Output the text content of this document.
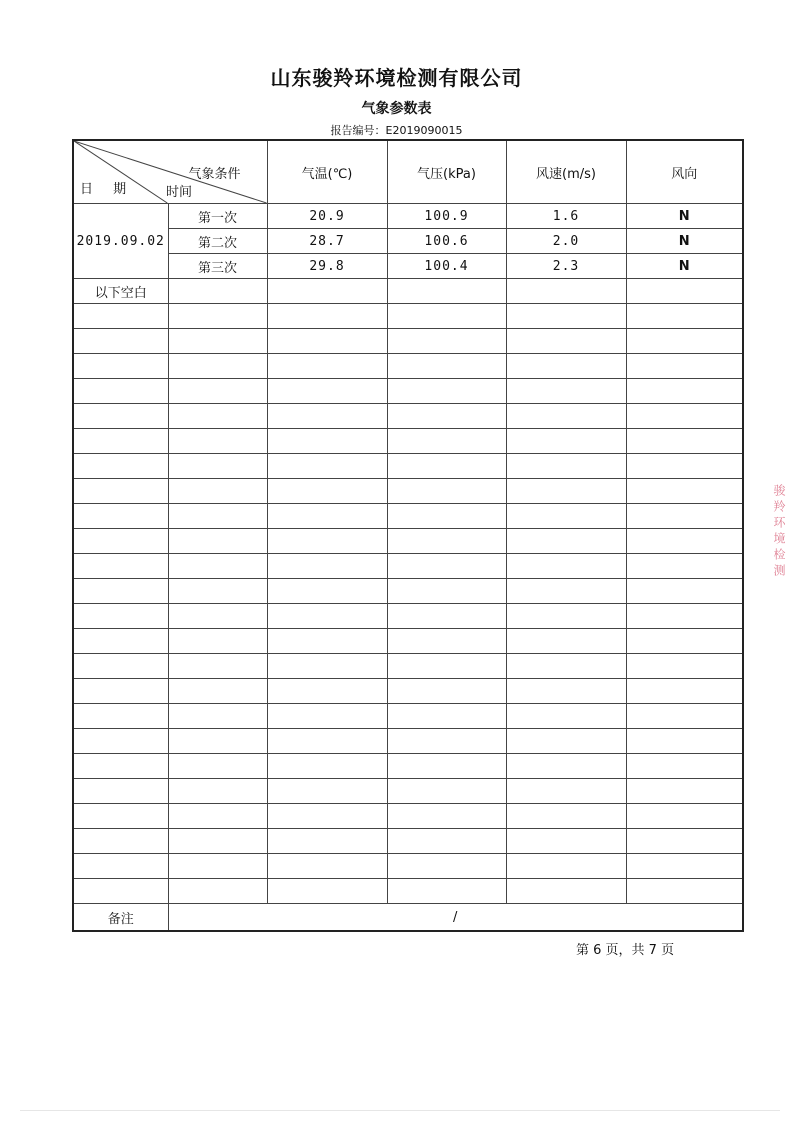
山东骏羚环境检测有限公司
气象参数表
报告编号：E2019090015
气象条件
日 期 时间		气温(℃)	气压(kPa)	风速(m/s)	风向
2019.09.02	第一次	20.9	100.9	1.6	N
	第二次	28.7	100.6	2.0	N
	第三次	29.8	100.4	2.3	N
以下空白					

备注	/				
第 6 页，共 7 页
骏羚环境检测
